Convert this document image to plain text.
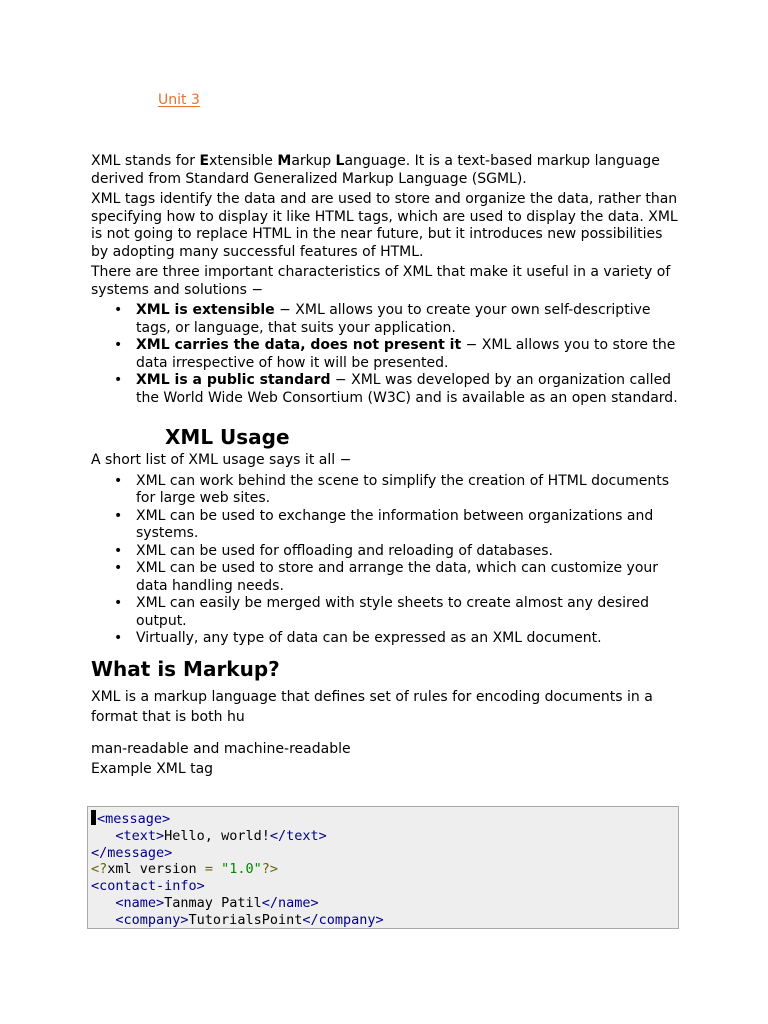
Unit 3

XML stands for Extensible Markup Language. It is a text-based markup language derived from Standard Generalized Markup Language (SGML).

XML tags identify the data and are used to store and organize the data, rather than specifying how to display it like HTML tags, which are used to display the data. XML is not going to replace HTML in the near future, but it introduces new possibilities by adopting many successful features of HTML.

There are three important characteristics of XML that make it useful in a variety of systems and solutions −

• XML is extensible − XML allows you to create your own self-descriptive tags, or language, that suits your application.
• XML carries the data, does not present it − XML allows you to store the data irrespective of how it will be presented.
• XML is a public standard − XML was developed by an organization called the World Wide Web Consortium (W3C) and is available as an open standard.
XML Usage

A short list of XML usage says it all −

• XML can work behind the scene to simplify the creation of HTML documents for large web sites.
• XML can be used to exchange the information between organizations and systems.
• XML can be used for offloading and reloading of databases.
• XML can be used to store and arrange the data, which can customize your data handling needs.
• XML can easily be merged with style sheets to create almost any desired output.
• Virtually, any type of data can be expressed as an XML document.
What is Markup?

XML is a markup language that defines set of rules for encoding documents in a format that is both hu

man-readable and machine-readable

Example XML tag

<message>
<text>Hello, world!</text>
</message>
<?xml version = "1.0"?>
<contact-info>
<name>Tanmay Patil</name>
<company>TutorialsPoint</company>
